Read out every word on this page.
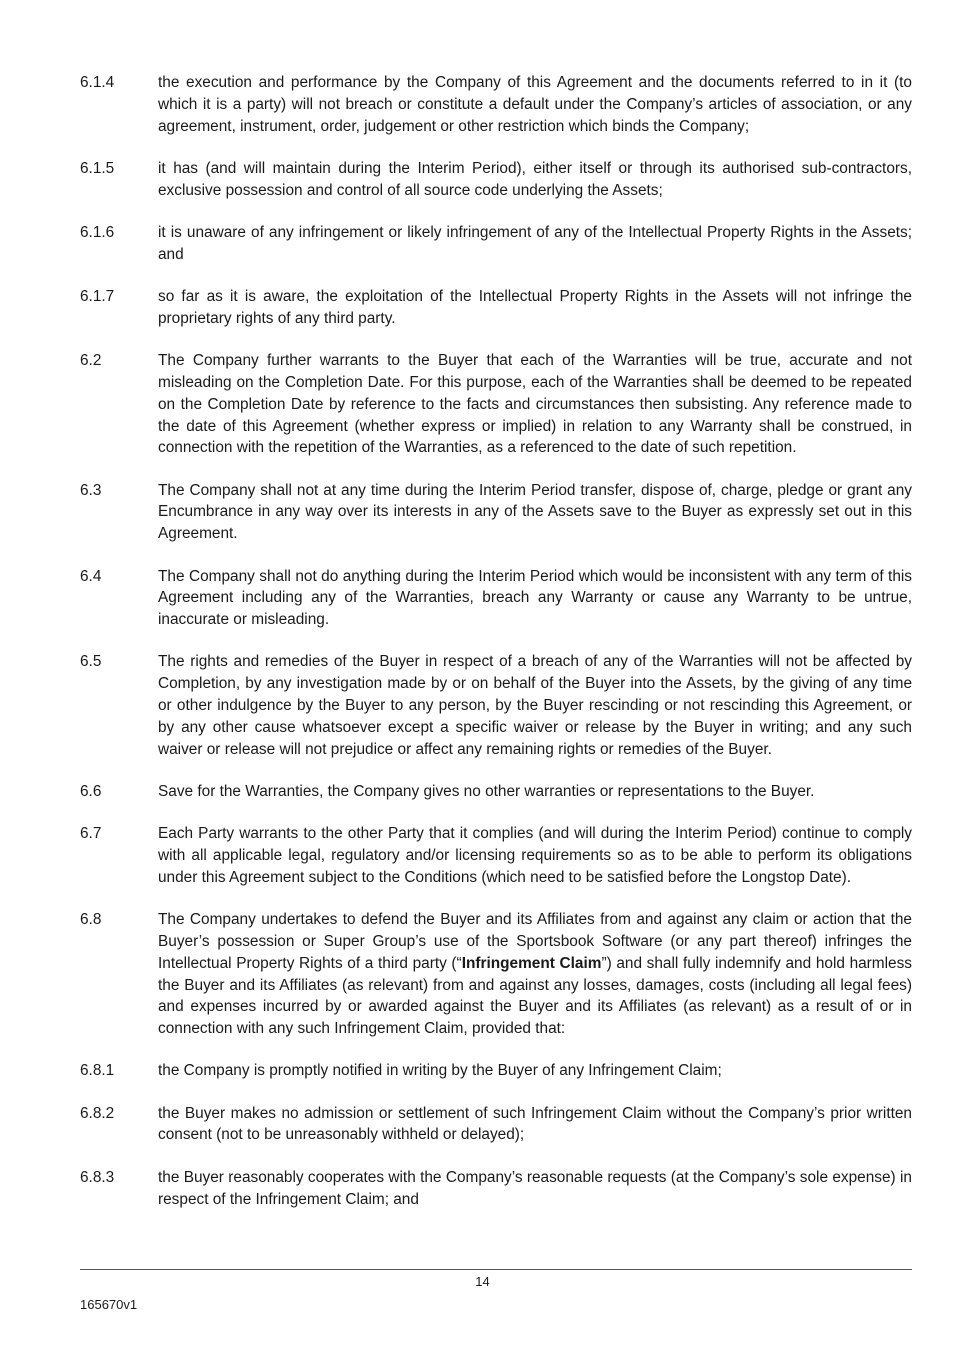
6.1.4	the execution and performance by the Company of this Agreement and the documents referred to in it (to which it is a party) will not breach or constitute a default under the Company’s articles of association, or any agreement, instrument, order, judgement or other restriction which binds the Company;
6.1.5	it has (and will maintain during the Interim Period), either itself or through its authorised sub-contractors, exclusive possession and control of all source code underlying the Assets;
6.1.6	it is unaware of any infringement or likely infringement of any of the Intellectual Property Rights in the Assets; and
6.1.7	so far as it is aware, the exploitation of the Intellectual Property Rights in the Assets will not infringe the proprietary rights of any third party.
6.2	The Company further warrants to the Buyer that each of the Warranties will be true, accurate and not misleading on the Completion Date. For this purpose, each of the Warranties shall be deemed to be repeated on the Completion Date by reference to the facts and circumstances then subsisting. Any reference made to the date of this Agreement (whether express or implied) in relation to any Warranty shall be construed, in connection with the repetition of the Warranties, as a referenced to the date of such repetition.
6.3	The Company shall not at any time during the Interim Period transfer, dispose of, charge, pledge or grant any Encumbrance in any way over its interests in any of the Assets save to the Buyer as expressly set out in this Agreement.
6.4	The Company shall not do anything during the Interim Period which would be inconsistent with any term of this Agreement including any of the Warranties, breach any Warranty or cause any Warranty to be untrue, inaccurate or misleading.
6.5	The rights and remedies of the Buyer in respect of a breach of any of the Warranties will not be affected by Completion, by any investigation made by or on behalf of the Buyer into the Assets, by the giving of any time or other indulgence by the Buyer to any person, by the Buyer rescinding or not rescinding this Agreement, or by any other cause whatsoever except a specific waiver or release by the Buyer in writing; and any such waiver or release will not prejudice or affect any remaining rights or remedies of the Buyer.
6.6	Save for the Warranties, the Company gives no other warranties or representations to the Buyer.
6.7	Each Party warrants to the other Party that it complies (and will during the Interim Period) continue to comply with all applicable legal, regulatory and/or licensing requirements so as to be able to perform its obligations under this Agreement subject to the Conditions (which need to be satisfied before the Longstop Date).
6.8	The Company undertakes to defend the Buyer and its Affiliates from and against any claim or action that the Buyer’s possession or Super Group’s use of the Sportsbook Software (or any part thereof) infringes the Intellectual Property Rights of a third party (“Infringement Claim”) and shall fully indemnify and hold harmless the Buyer and its Affiliates (as relevant) from and against any losses, damages, costs (including all legal fees) and expenses incurred by or awarded against the Buyer and its Affiliates (as relevant) as a result of or in connection with any such Infringement Claim, provided that:
6.8.1	the Company is promptly notified in writing by the Buyer of any Infringement Claim;
6.8.2	the Buyer makes no admission or settlement of such Infringement Claim without the Company’s prior written consent (not to be unreasonably withheld or delayed);
6.8.3	the Buyer reasonably cooperates with the Company’s reasonable requests (at the Company’s sole expense) in respect of the Infringement Claim; and
14
165670v1
